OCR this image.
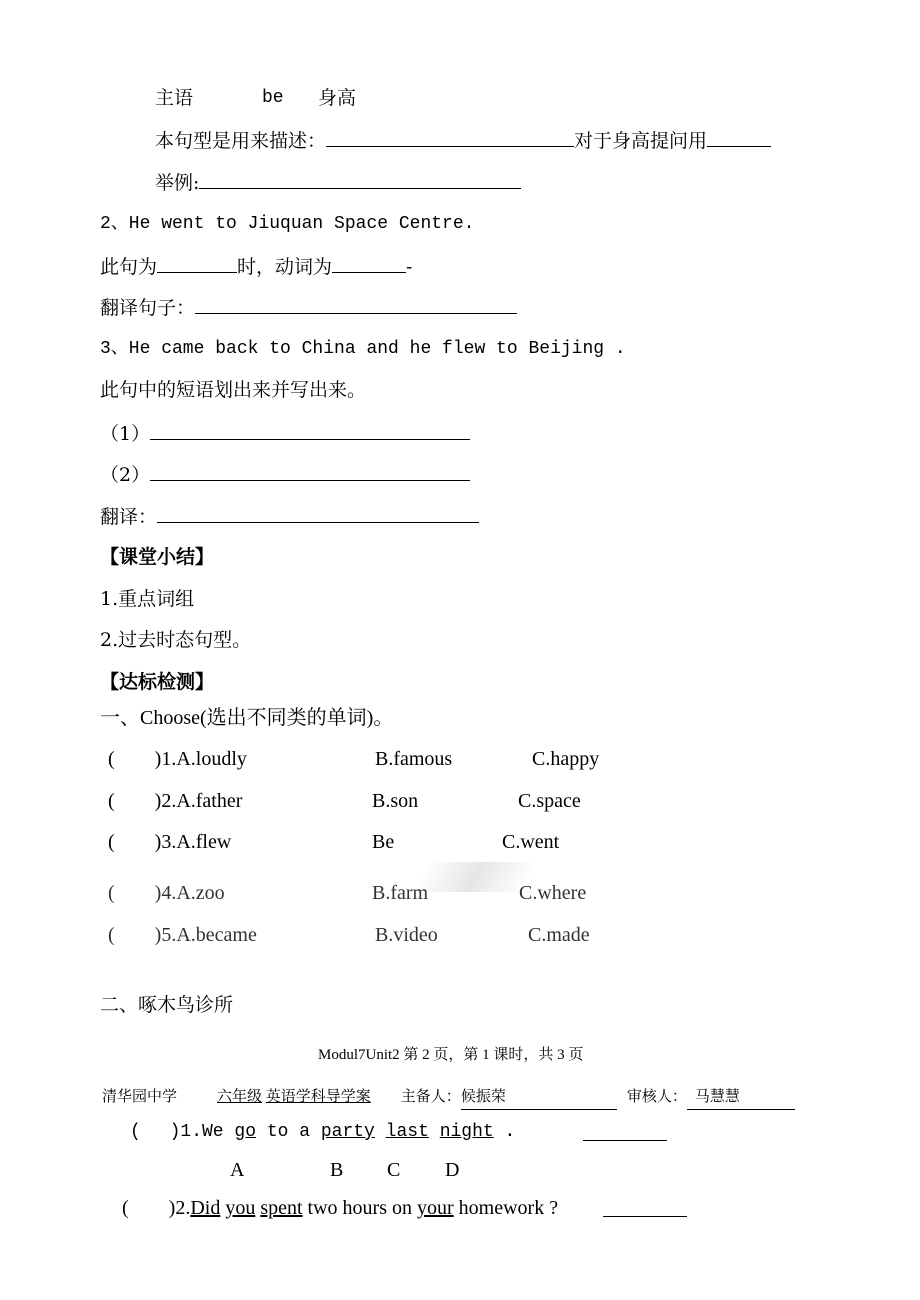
主语	be 身高
本句型是用来描述：	对于身高提问用
举例:
2、He went to Jiuquan Space Centre.
此句为	时，动词为	-
翻译句子：
3、He came back to China and he flew to Beijing .
此句中的短语划出来并写出来。
（1）
（2）
翻译：
【课堂小结】
1.重点词组
2.过去时态句型。
【达标检测】
一、Choose(选出不同类的单词)。
(　　)1.A.loudly	B.famous	C.happy
(　　)2.A.father	B.son	C.space
(　　)3.A.flew	Be	C.went
(　　)4.A.zoo	B.farm	C.where
(　　)5.A.became	B.video	C.made
二、啄木鸟诊所
Modul7Unit2 第 2 页，第 1 课时，共 3 页
清华园中学	六年级 英语学科导学案 主备人：候振荣	审核人： 马慧慧
(　 )1.We go to a party last night .
A	B C D
(　　)2.Did you spent two hours on your homework ?
